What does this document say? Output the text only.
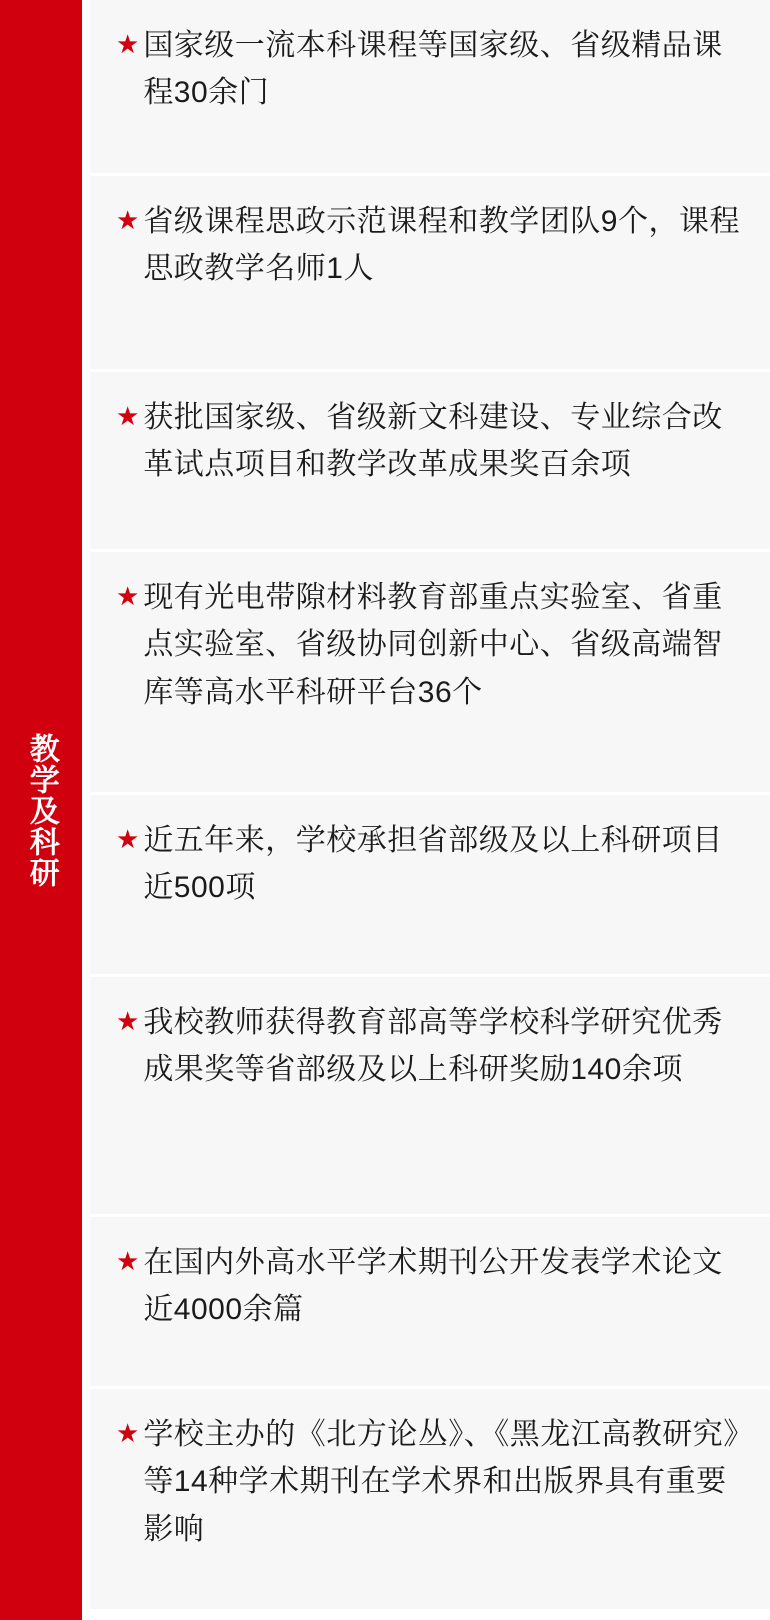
教学及科研
★ 国家级一流本科课程等国家级、省级精品课程30余门
★ 省级课程思政示范课程和教学团队9个，课程思政教学名师1人
★ 获批国家级、省级新文科建设、专业综合改革试点项目和教学改革成果奖百余项
★ 现有光电带隙材料教育部重点实验室、省重点实验室、省级协同创新中心、省级高端智库等高水平科研平台36个
★ 近五年来，学校承担省部级及以上科研项目近500项
★ 我校教师获得教育部高等学校科学研究优秀成果奖等省部级及以上科研奖励140余项
★ 在国内外高水平学术期刊公开发表学术论文近4000余篇
★ 学校主办的《北方论丛》、《黑龙江高教研究》等14种学术期刊在学术界和出版界具有重要影响
